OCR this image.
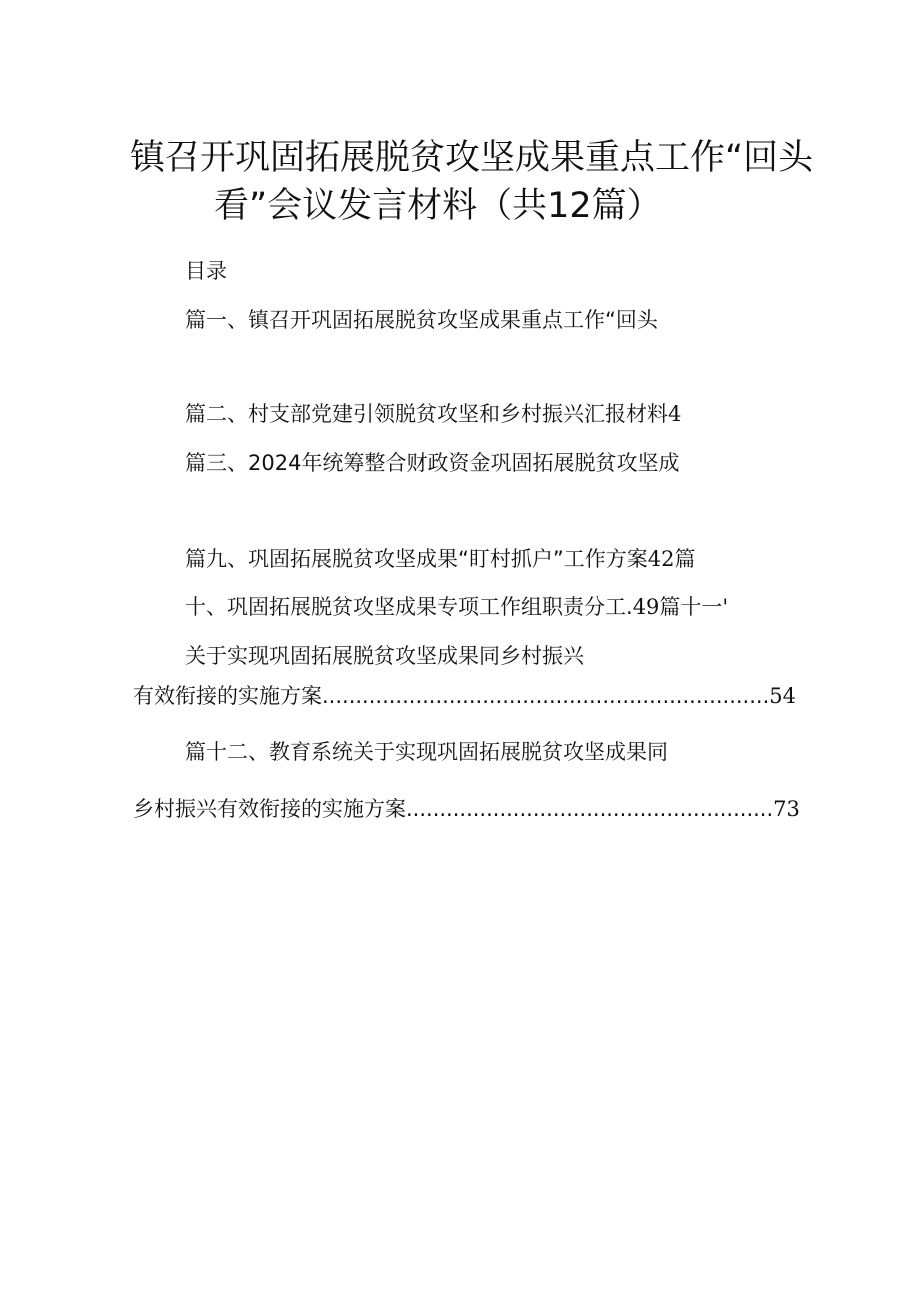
镇召开巩固拓展脱贫攻坚成果重点工作“回头
看”会议发言材料（共12篇）
目录
篇一、镇召开巩固拓展脱贫攻坚成果重点工作“回头
篇二、村支部党建引领脱贫攻坚和乡村振兴汇报材料4
篇三、2024年统筹整合财政资金巩固拓展脱贫攻坚成
篇九、巩固拓展脱贫攻坚成果“盯村抓户”工作方案42篇
十、巩固拓展脱贫攻坚成果专项工作组职责分工.49篇十一'
关于实现巩固拓展脱贫攻坚成果同乡村振兴
有效衔接的实施方案...................................................................54
篇十二、教育系统关于实现巩固拓展脱贫攻坚成果同
乡村振兴有效衔接的实施方案.......................................................73
